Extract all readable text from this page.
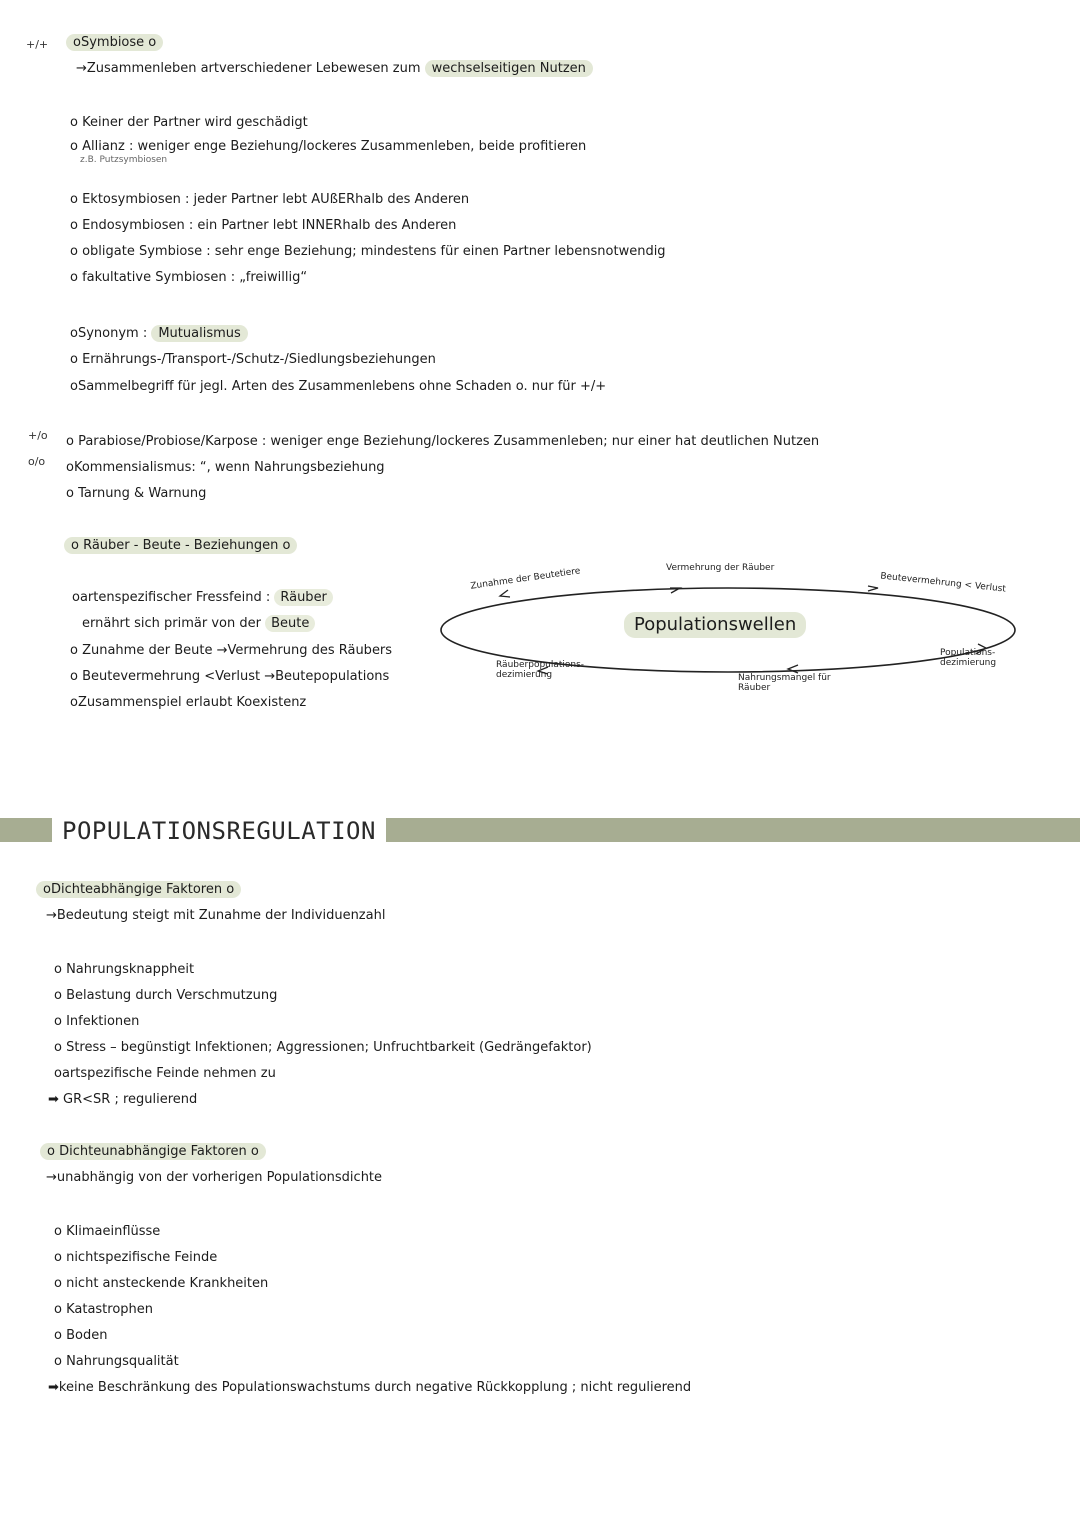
+/+
+/o
o/o
oSymbiose o
→Zusammenleben artverschiedener Lebewesen zum wechselseitigen Nutzen
o Keiner der Partner wird geschädigt
o Allianz : weniger enge Beziehung/lockeres Zusammenleben, beide profitieren
z.B. Putzsymbiosen
o Ektosymbiosen : jeder Partner lebt AUßERhalb des Anderen
o Endosymbiosen : ein Partner lebt INNERhalb des Anderen
o obligate Symbiose : sehr enge Beziehung; mindestens für einen Partner lebensnotwendig
o fakultative Symbiosen : „freiwillig“
oSynonym : Mutualismus
o Ernährungs-/Transport-/Schutz-/Siedlungsbeziehungen
oSammelbegriff für jegl. Arten des Zusammenlebens ohne Schaden o. nur für +/+
o Parabiose/Probiose/Karpose : weniger enge Beziehung/lockeres Zusammenleben; nur einer hat deutlichen Nutzen
oKommensialismus: “, wenn Nahrungsbeziehung
o Tarnung & Warnung
o Räuber - Beute - Beziehungen o
oartenspezifischer Fressfeind : Räuber
ernährt sich primär von der Beute
o Zunahme der Beute →Vermehrung des Räubers
o Beutevermehrung <Verlust →Beutepopulations
oZusammenspiel erlaubt Koexistenz
Populationswellen
Zunahme der Beutetiere	Vermehrung der Räuber
Beutevermehrung < Verlust
Räuberpopulations-dezimierung	Nahrungsmangel für Räuber
Populations-dezimierung
POPULATIONSREGULATION
oDichteabhängige Faktoren o
→Bedeutung steigt mit Zunahme der Individuenzahl
o Nahrungsknappheit
o Belastung durch Verschmutzung
o Infektionen
o Stress – begünstigt Infektionen; Aggressionen; Unfruchtbarkeit (Gedrängefaktor)
oartspezifische Feinde nehmen zu
➡ GR<SR ; regulierend
o Dichteunabhängige Faktoren o
→unabhängig von der vorherigen Populationsdichte
o Klimaeinflüsse
o nichtspezifische Feinde
o nicht ansteckende Krankheiten
o Katastrophen
o Boden
o Nahrungsqualität
➡keine Beschränkung des Populationswachstums durch negative Rückkopplung ; nicht regulierend
